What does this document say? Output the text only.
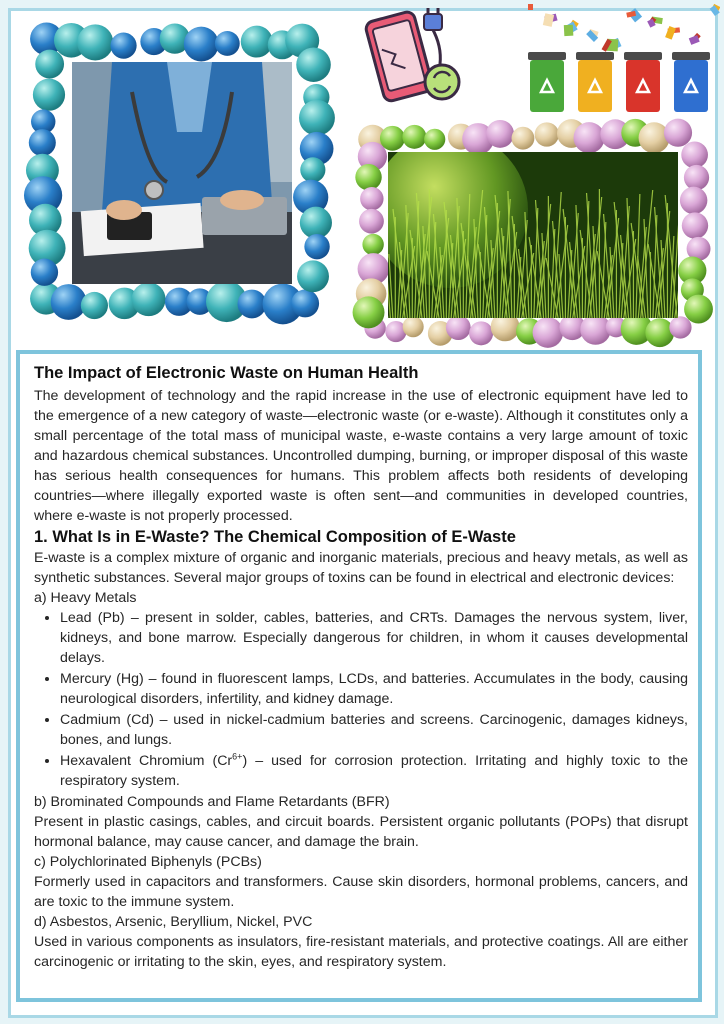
The Impact of Electronic Waste on Human Health

The development of technology and the rapid increase in the use of electronic equipment have led to the emergence of a new category of waste—electronic waste (or e-waste). Although it constitutes only a small percentage of the total mass of municipal waste, e-waste contains a very large amount of toxic and hazardous chemical substances. Uncontrolled dumping, burning, or improper disposal of this waste has serious health consequences for humans. This problem affects both residents of developing countries—where illegally exported waste is often sent—and communities in developed countries, where e-waste is not properly processed.

1. What Is in E-Waste? The Chemical Composition of E-Waste

E-waste is a complex mixture of organic and inorganic materials, precious and heavy metals, as well as synthetic substances. Several major groups of toxins can be found in electrical and electronic devices:

a) Heavy Metals

• Lead (Pb) – present in solder, cables, batteries, and CRTs. Damages the nervous system, liver, kidneys, and bone marrow. Especially dangerous for children, in whom it causes developmental delays.
• Mercury (Hg) – found in fluorescent lamps, LCDs, and batteries. Accumulates in the body, causing neurological disorders, infertility, and kidney damage.
• Cadmium (Cd) – used in nickel-cadmium batteries and screens. Carcinogenic, damages kidneys, bones, and lungs.
• Hexavalent Chromium $(Cr^{6+})$ – used for corrosion protection. Irritating and highly toxic to the respiratory system.

b) Brominated Compounds and Flame Retardants (BFR)

Present in plastic casings, cables, and circuit boards. Persistent organic pollutants (POPs) that disrupt hormonal balance, may cause cancer, and damage the brain.

c) Polychlorinated Biphenyls (PCBs)

Formerly used in capacitors and transformers. Cause skin disorders, hormonal problems, cancers, and are toxic to the immune system.

d) Asbestos, Arsenic, Beryllium, Nickel, PVC

Used in various components as insulators, fire-resistant materials, and protective coatings. All are either carcinogenic or irritating to the skin, eyes, and respiratory system.
